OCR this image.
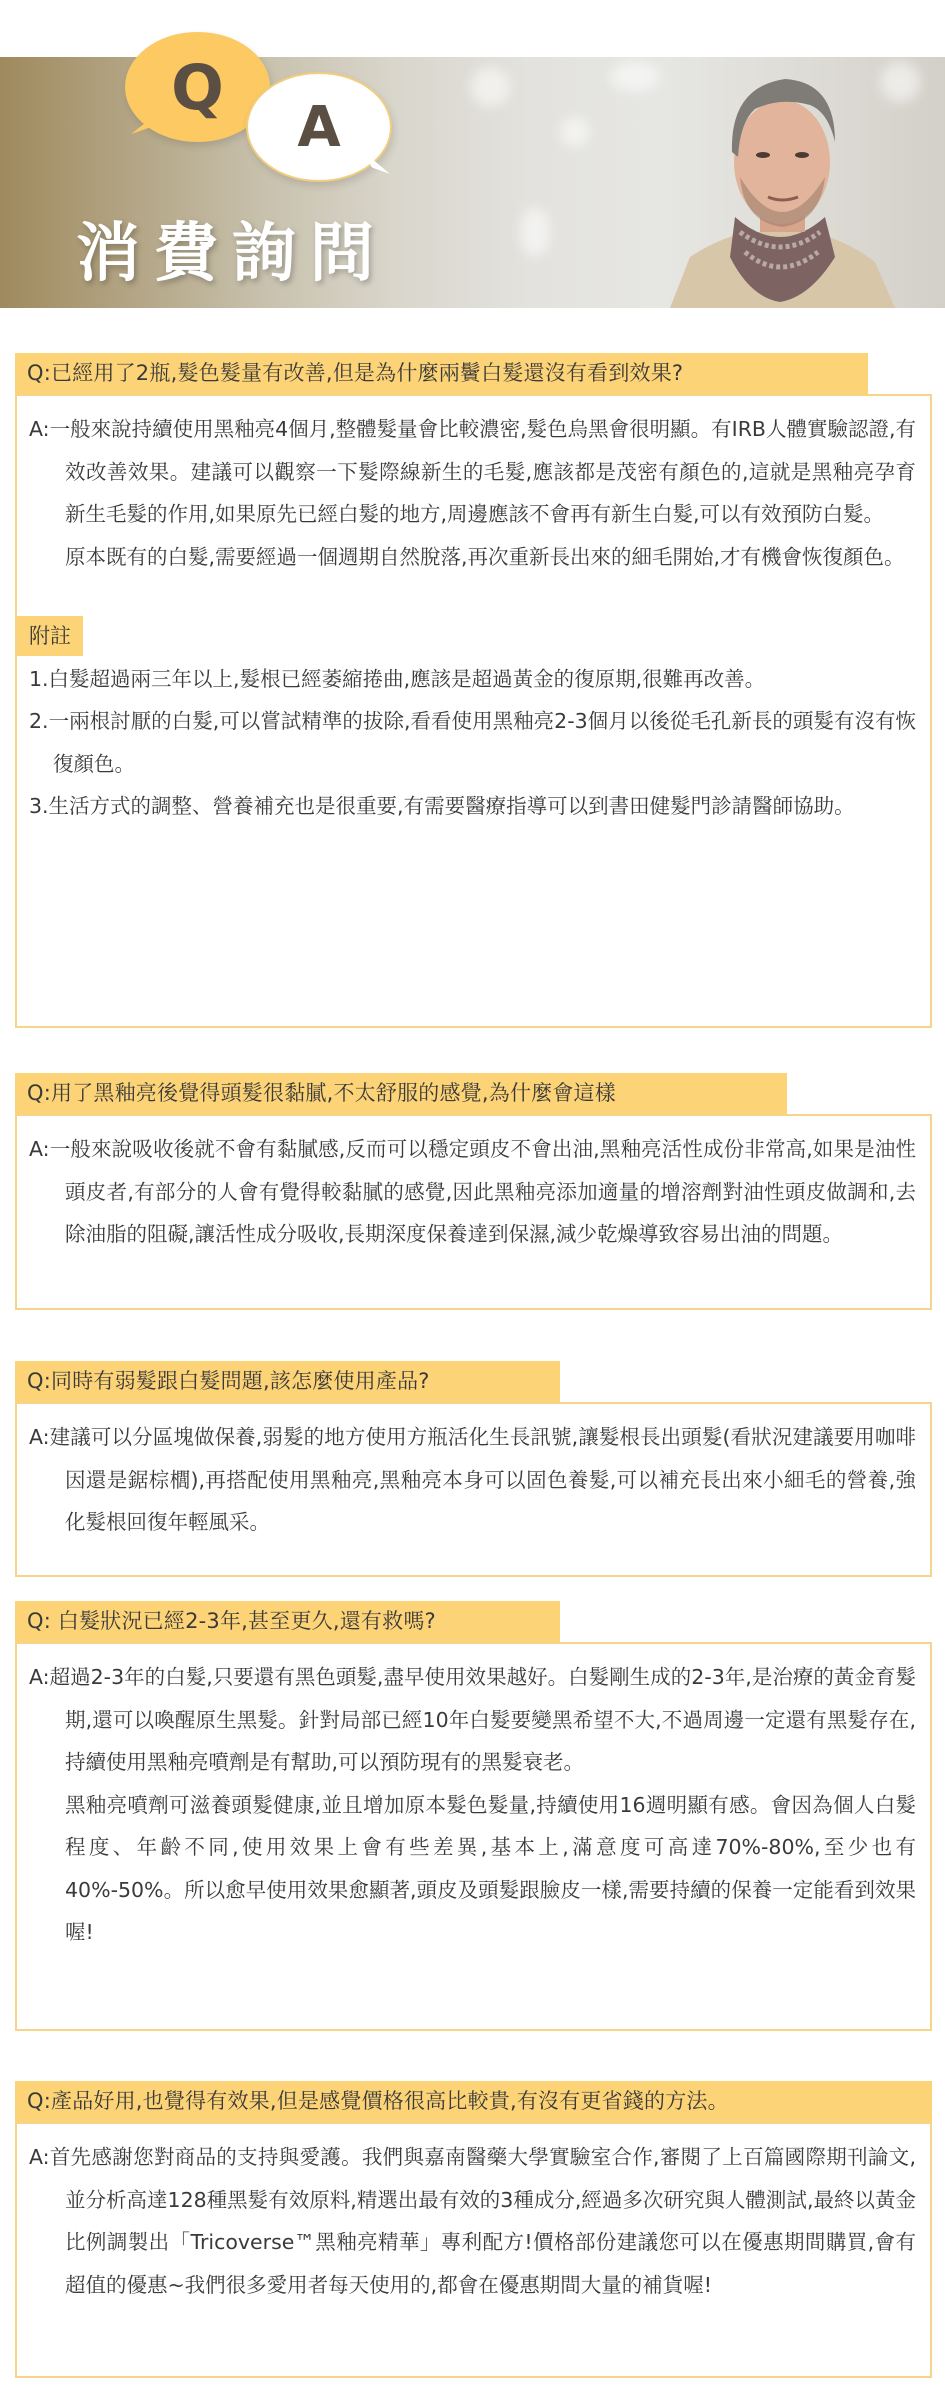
消費詢問
Q
A
Q:已經用了2瓶,髮色髮量有改善,但是為什麼兩鬢白髮還沒有看到效果?
A:一般來說持續使用黑釉亮4個月,整體髮量會比較濃密,髮色烏黑會很明顯。有IRB人體實驗認證,有效改善效果。建議可以觀察一下髮際線新生的毛髮,應該都是茂密有顏色的,這就是黑釉亮孕育新生毛髮的作用,如果原先已經白髮的地方,周邊應該不會再有新生白髮,可以有效預防白髮。
原本既有的白髮,需要經過一個週期自然脫落,再次重新長出來的細毛開始,才有機會恢復顏色。
附註
1.白髮超過兩三年以上,髮根已經萎縮捲曲,應該是超過黃金的復原期,很難再改善。
2.一兩根討厭的白髮,可以嘗試精準的拔除,看看使用黑釉亮2-3個月以後從毛孔新長的頭髮有沒有恢復顏色。
3.生活方式的調整、營養補充也是很重要,有需要醫療指導可以到書田健髮門診請醫師協助。
Q:用了黑釉亮後覺得頭髮很黏膩,不太舒服的感覺,為什麼會這樣
A:一般來說吸收後就不會有黏膩感,反而可以穩定頭皮不會出油,黑釉亮活性成份非常高,如果是油性頭皮者,有部分的人會有覺得較黏膩的感覺,因此黑釉亮添加適量的增溶劑對油性頭皮做調和,去除油脂的阻礙,讓活性成分吸收,長期深度保養達到保濕,減少乾燥導致容易出油的問題。
Q:同時有弱髮跟白髮問題,該怎麼使用產品?
A:建議可以分區塊做保養,弱髮的地方使用方瓶活化生長訊號,讓髮根長出頭髮(看狀況建議要用咖啡因還是鋸棕櫚),再搭配使用黑釉亮,黑釉亮本身可以固色養髮,可以補充長出來小細毛的營養,強化髮根回復年輕風采。
Q: 白髮狀況已經2-3年,甚至更久,還有救嗎?
A:超過2-3年的白髮,只要還有黑色頭髮,盡早使用效果越好。白髮剛生成的2-3年,是治療的黃金育髮期,還可以喚醒原生黑髮。針對局部已經10年白髮要變黑希望不大,不過周邊一定還有黑髮存在,持續使用黑釉亮噴劑是有幫助,可以預防現有的黑髮衰老。
黑釉亮噴劑可滋養頭髮健康,並且增加原本髮色髮量,持續使用16週明顯有感。會因為個人白髮程度、年齡不同,使用效果上會有些差異,基本上,滿意度可高達70%-80%,至少也有40%-50%。所以愈早使用效果愈顯著,頭皮及頭髮跟臉皮一樣,需要持續的保養一定能看到效果喔!
Q:產品好用,也覺得有效果,但是感覺價格很高比較貴,有沒有更省錢的方法。
A:首先感謝您對商品的支持與愛護。我們與嘉南醫藥大學實驗室合作,審閱了上百篇國際期刊論文,並分析高達128種黑髮有效原料,精選出最有效的3種成分,經過多次研究與人體測試,最終以黃金比例調製出「Tricoverse™黑釉亮精華」專利配方!價格部份建議您可以在優惠期間購買,會有超值的優惠~我們很多愛用者每天使用的,都會在優惠期間大量的補貨喔!
